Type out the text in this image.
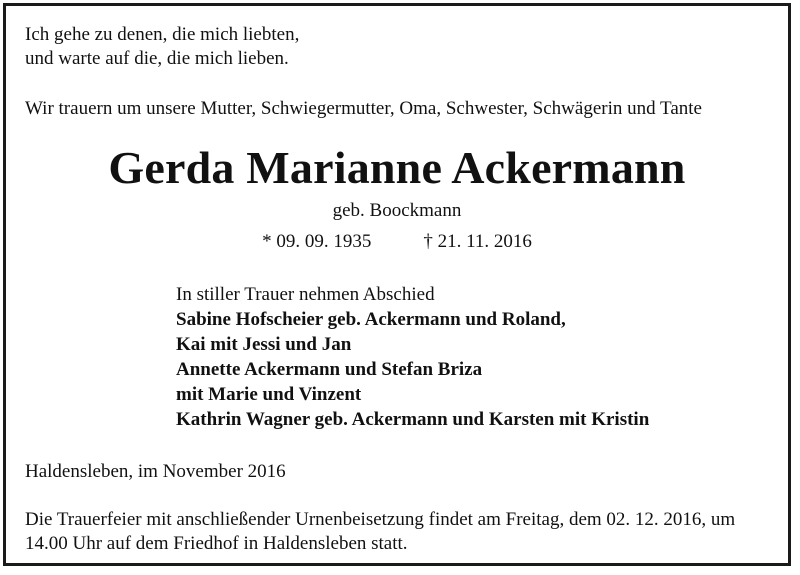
Ich gehe zu denen, die mich liebten,
und warte auf die, die mich lieben.
Wir trauern um unsere Mutter, Schwiegermutter, Oma, Schwester, Schwägerin und Tante
Gerda Marianne Ackermann
geb. Boockmann
* 09. 09. 1935	† 21. 11. 2016
In stiller Trauer nehmen Abschied
Sabine Hofscheier geb. Ackermann und Roland,
Kai mit Jessi und Jan
Annette Ackermann und Stefan Briza
mit Marie und Vinzent
Kathrin Wagner geb. Ackermann und Karsten mit Kristin
Haldensleben, im November 2016
Die Trauerfeier mit anschließender Urnenbeisetzung findet am Freitag, dem 02. 12. 2016, um 14.00 Uhr auf dem Friedhof in Haldensleben statt.
